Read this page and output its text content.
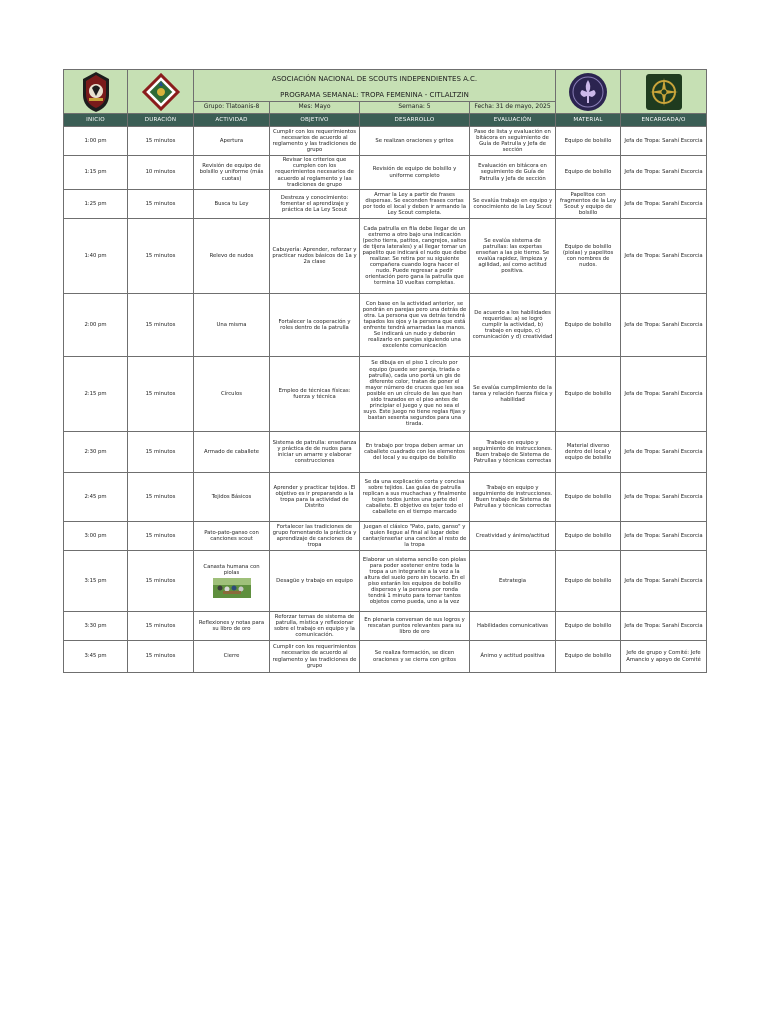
	ASOCIACIÓN NACIONAL DE SCOUTS INDEPENDIENTES A.C.	

		PROGRAMA SEMANAL: TROPA FEMENINA - CITLALTZIN					
		Grupo: Tlatoanis-8	Mes: Mayo	Semana: 5	Fecha: 31 de mayo, 2025		
INICIO	DURACIÓN	ACTIVIDAD	OBJETIVO	DESARROLLO	EVALUACIÓN	MATERIAL	ENCARGADA/O
1:00 pm	15 minutos	Apertura	Cumplir con los requerimientos necesarios de acuerdo al reglamento y las tradiciones de grupo	Se realizan oraciones y gritos	Pase de lista y evaluación en bitácora en seguimiento de Guía de Patrulla y Jefa de sección	Equipo de bolsillo	Jefa de Tropa: Sarahí Escorcia
1:15 pm	10 minutos	Revisión de equipo de bolsillo y uniforme (más cuotas)	Revisar los criterios que cumplen con los requerimientos necesarios de acuerdo al reglamento y las tradiciones de grupo	Revisión de equipo de bolsillo y uniforme completo	Evaluación en bitácora en seguimiento de Guía de Patrulla y Jefa de sección	Equipo de bolsillo	Jefa de Tropa: Sarahí Escorcia
1:25 pm	15 minutos	Busca tu Ley	Destreza y conocimiento: fomentar el aprendizaje y práctica de La Ley Scout	Armar la Ley a partir de frases dispersas. Se esconden frases cortas por todo el local y deben ir armando la Ley Scout completa.	Se evalúa trabajo en equipo y conocimiento de la Ley Scout	Papelitos con fragmentos de la Ley Scout y equipo de bolsillo	Jefa de Tropa: Sarahí Escorcia
1:40 pm	15 minutos	Relevo de nudos	Cabuyería: Aprender, reforzar y practicar nudos básicos de 1a y 2a clase	Cada patrulla en fila debe llegar de un extremo a otro bajo una indicación (pecho tierra, patitos, cangrejos, saltos de tijera laterales) y al llegar tomar un papelito que indicará el nudo que debe realizar. Se retira por su siguiente compañera cuando logra hacer el nudo. Puede regresar a pedir orientación pero gana la patrulla que termina 10 vueltas completas.	Se evalúa sistema de patrullas: las expertas enseñan a las pie tierno. Se evalúa rapidez, limpieza y agilidad, así como actitud positiva.	Equipo de bolsillo (piolas) y papelitos con nombres de nudos.	Jefa de Tropa: Sarahí Escorcia
2:00 pm	15 minutos	Una misma	Fortalecer la cooperación y roles dentro de la patrulla	Con base en la actividad anterior, se pondrán en parejas pero una detrás de otra. La persona que va detrás tendrá tapados los ojos y la persona que está enfrente tendrá amarradas las manos. Se indicará un nudo y deberán realizarlo en parejas siguiendo una excelente comunicación	De acuerdo a los habilidades requeridas: a) se logró cumplir la actividad, b) trabajo en equipo, c) comunicación y d) creatividad	Equipo de bolsillo	Jefa de Tropa: Sarahí Escorcia
2:15 pm	15 minutos	Círculos	Empleo de técnicas físicas: fuerza y técnica	Se dibuja en el piso 1 círculo por equipo (puede ser pareja, triada o patrulla), cada uno portá un gis de diferente color, tratan de poner el mayor número de cruces que les sea posible en un círculo de las que han sido trazados en el piso antes de principiar el juego y que no sea el suyo. Este juego no tiene reglas fijas y bastan sesenta segundos para una tirada.	Se evalúa cumplimiento de la tarea y relación fuerza física y habilidad	Equipo de bolsillo	Jefa de Tropa: Sarahí Escorcia
2:30 pm	15 minutos	Armado de caballete	Sistema de patrulla: enseñanza y práctica de de nudos para iniciar un amarre y elaborar construcciones	En trabajo por tropa deben armar un caballete cuadrado con los elementos del local y su equipo de bolsillo	Trabajo en equipo y seguimiento de instrucciones. Buen trabajo de Sistema de Patrullas y técnicas correctas	Material diverso dentro del local y equipo de bolsillo	Jefa de Tropa: Sarahí Escorcia
2:45 pm	15 minutos	Tejidos Básicos	Aprender y practicar tejidos. El objetivo es ir preparando a la tropa para la actividad de Distrito	Se da una explicación corta y concisa sobre tejidos. Las guías de patrulla replican a sus muchachas y finalmente tejen todos juntos una parte del caballete. El objetivo es tejer todo el caballete en el tiempo marcado	Trabajo en equipo y seguimiento de instrucciones. Buen trabajo de Sistema de Patrullas y técnicas correctas	Equipo de bolsillo	Jefa de Tropa: Sarahí Escorcia
3:00 pm	15 minutos	Pato-pato-ganso con canciones scout	Fortalecer las tradiciones de grupo fomentando la práctica y aprendizaje de canciones de tropa	Juegan el clásico "Pato, pato, ganso" y quien llegue al final al lugar debe cantar/enseñar una canción al resto de la tropa	Creatividad y ánimo/actitud	Equipo de bolsillo	Jefa de Tropa: Sarahí Escorcia
3:15 pm	15 minutos	Canasta humana con piolas	Desagüe y trabajo en equipo	Elaborar un sistema sencillo con piolas para poder sostener entre toda la tropa a un integrante a la vez a la altura del suelo pero sin tocarlo. En el piso estarán los equipos de bolsillo dispersos y la persona por ronda tendrá 1 minuto para tomar tantos objetos como pueda, uno a la vez	Estrategia	Equipo de bolsillo	Jefa de Tropa: Sarahí Escorcia
3:30 pm	15 minutos	Reflexiones y notas para su libro de oro	Reforzar temas de sistema de patrulla, mística y reflexionar sobre el trabajo en equipo y la comunicación.	En plenaria conversan de sus logros y rescatan puntos relevantes para su libro de oro	Habilidades comunicativas	Equipo de bolsillo	Jefa de Tropa: Sarahí Escorcia
3:45 pm	15 minutos	Cierre	Cumplir con los requerimientos necesarios de acuerdo al reglamento y las tradiciones de grupo	Se realiza formación, se dicen oraciones y se cierra con gritos	Ánimo y actitud positiva	Equipo de bolsillo	Jefe de grupo y Comité: Jefe Amancio y apoyo de Comité
